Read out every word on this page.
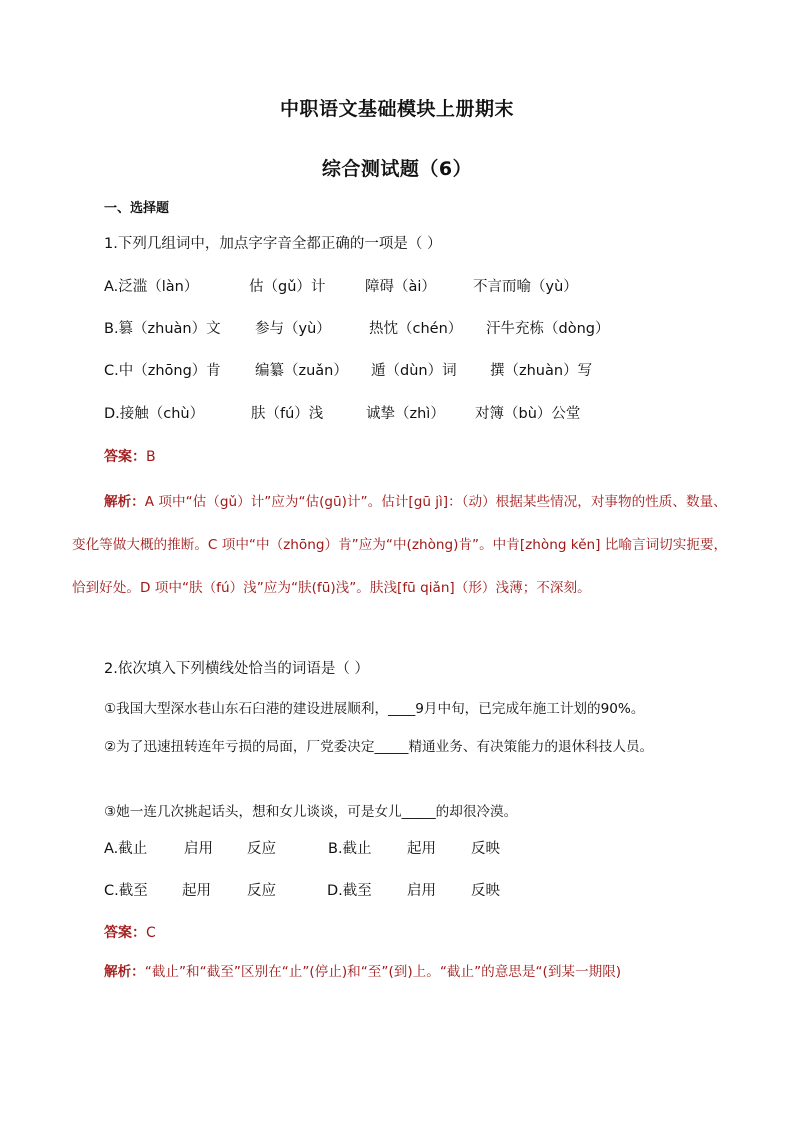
中职语文基础模块上册期末
综合测试题（6）
一、选择题
1.下列几组词中，加点字字音全都正确的一项是（ ）
A.泛滥（làn）	估（gǔ）计	障碍（ài）	不言而喻（yù）
B.篡（zhuàn）文 参与（yù）	热忱（chén） 汗牛充栋（dòng）
C.中（zhōng）肯 编纂（zuǎn） 遁（dùn）词 撰（zhuàn）写
D.接触（chù）	肤（fú）浅	诚挚（zhì） 对簿（bù）公堂
答案：B
解析：A 项中“估（gǔ）计”应为“估(gū)计”。估计[gū jì]：（动）根据某些情况，对事物的性质、数量、变化等做大概的推断。C 项中“中（zhōng）肯”应为“中(zhòng)肯”。中肯[zhòng kěn] 比喻言词切实扼要，恰到好处。D 项中“肤（fú）浅”应为“肤(fū)浅”。肤浅[fū qiǎn]（形）浅薄；不深刻。
2.依次填入下列横线处恰当的词语是（ ）
①我国大型深水巷山东石臼港的建设进展顺利，____9月中旬，已完成年施工计划的90%。
②为了迅速扭转连年亏损的局面，厂党委决定_____精通业务、有决策能力的退休科技人员。
③她一连几次挑起话头，想和女儿谈谈，可是女儿_____的却很冷漠。
A.截止	启用 反应	B.截止 起用 反映
C.截至 起用 反应	D.截至 启用 反映
答案：C
解析：“截止”和“截至”区别在“止”(停止)和“至”(到)上。“截止”的意思是“(到某一期限)
